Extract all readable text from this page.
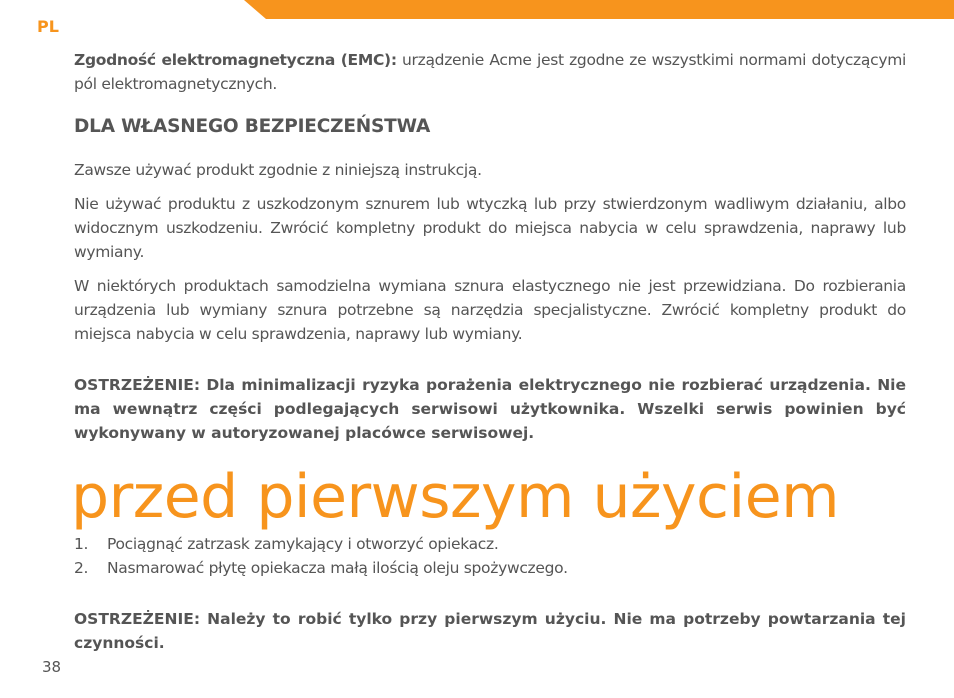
PL

Zgodność elektromagnetyczna (EMC): urządzenie Acme jest zgodne ze wszystkimi normami dotyczącymi pól elektromagnetycznych.

DLA WŁASNEGO BEZPIECZEŃSTWA

Zawsze używać produkt zgodnie z niniejszą instrukcją.

Nie używać produktu z uszkodzonym sznurem lub wtyczką lub przy stwierdzonym wadliwym działaniu, albo widocznym uszkodzeniu. Zwrócić kompletny produkt do miejsca nabycia w celu sprawdzenia, naprawy lub wymiany.

W niektórych produktach samodzielna wymiana sznura elastycznego nie jest przewidziana. Do rozbierania urządzenia lub wymiany sznura potrzebne są narzędzia specjalistyczne. Zwrócić kompletny produkt do miejsca nabycia w celu sprawdzenia, naprawy lub wymiany.

OSTRZEŻENIE: Dla minimalizacji ryzyka porażenia elektrycznego nie rozbierać urządzenia. Nie ma wewnątrz części podlegających serwisowi użytkownika. Wszelki serwis powinien być wykonywany w autoryzowanej placówce serwisowej.

przed pierwszym użyciem
1.	Pociągnąć zatrzask zamykający i otworzyć opiekacz.
2.	Nasmarować płytę opiekacza małą ilością oleju spożywczego.

OSTRZEŻENIE: Należy to robić tylko przy pierwszym użyciu. Nie ma potrzeby powtarzania tej czynności.

38
